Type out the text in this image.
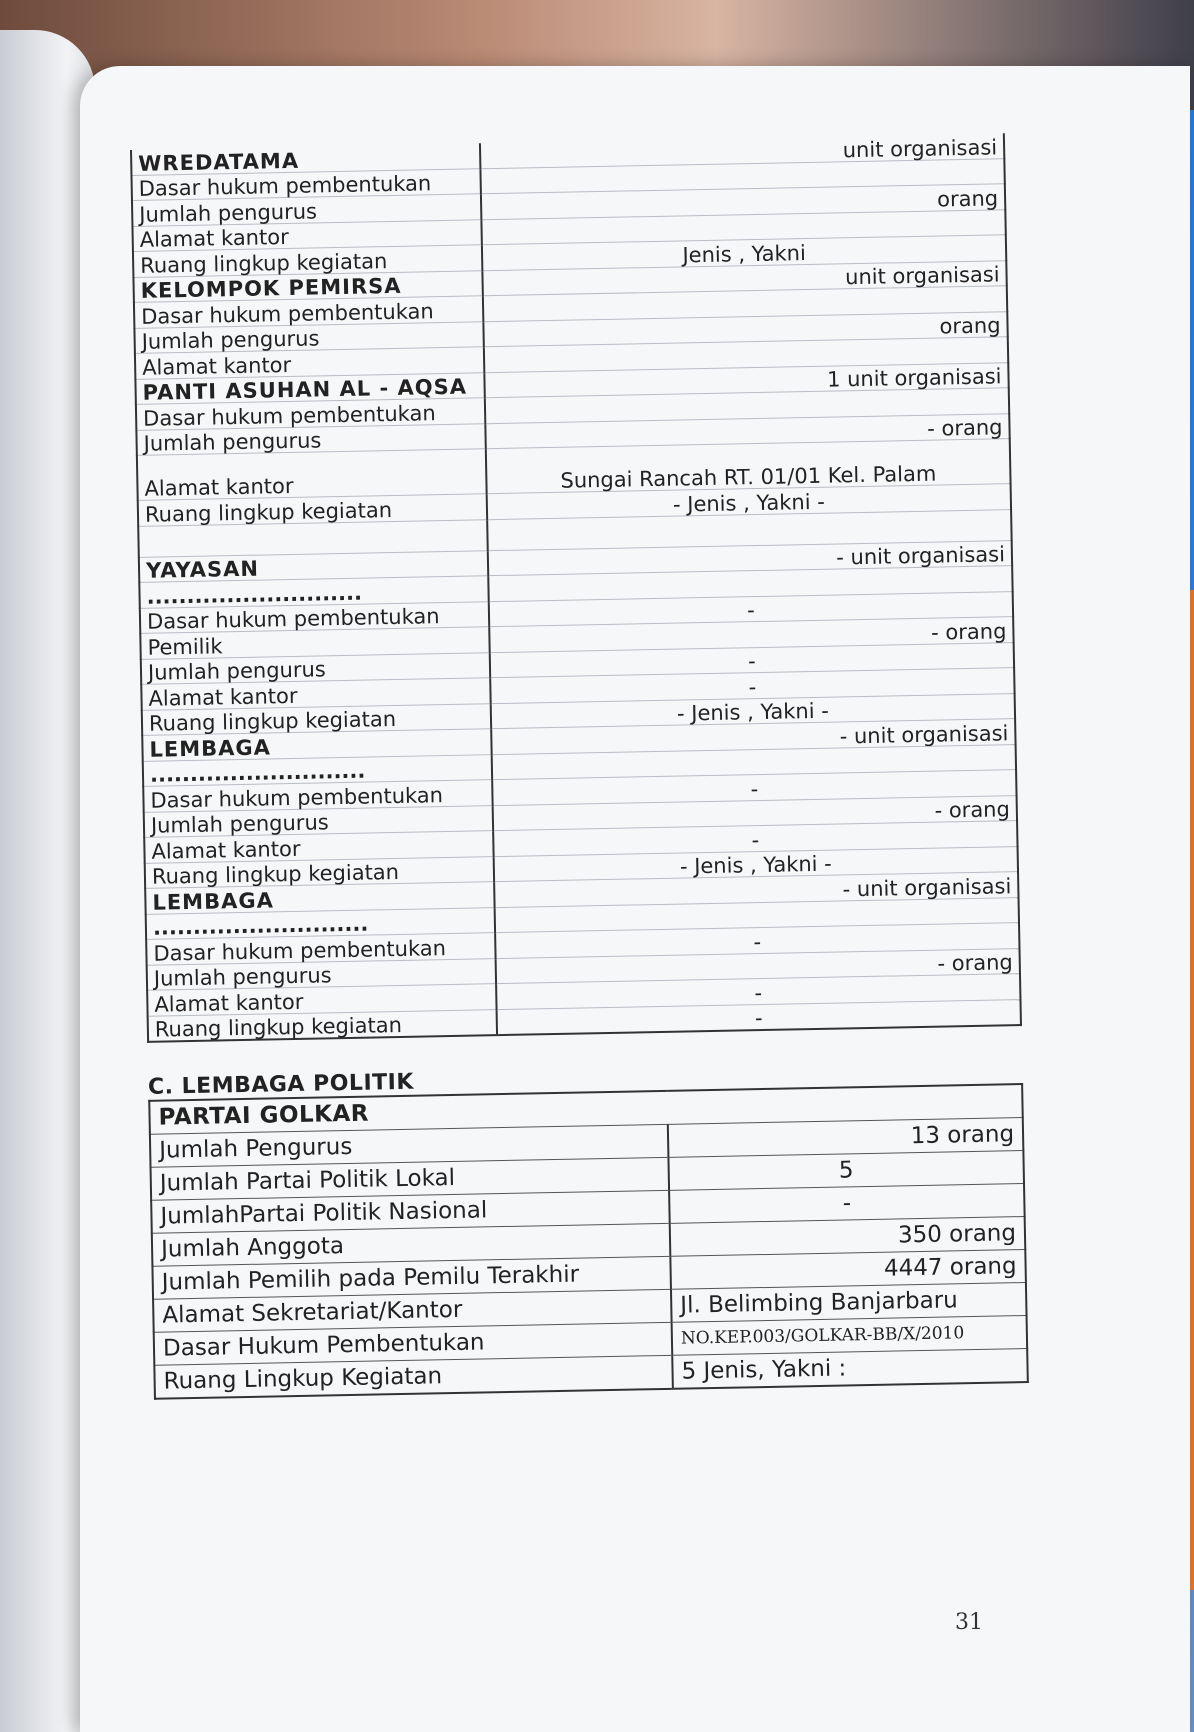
WREDATAMA	unit organisasi
Dasar hukum pembentukan	
Jumlah pengurus	orang
Alamat kantor	
Ruang lingkup kegiatan	Jenis , Yakni
KELOMPOK PEMIRSA	unit organisasi
Dasar hukum pembentukan	
Jumlah pengurus	orang
Alamat kantor	
PANTI ASUHAN AL - AQSA	1 unit organisasi
Dasar hukum pembentukan	
Jumlah pengurus	- orang
Alamat kantor	Sungai Rancah RT. 01/01 Kel. Palam
Ruang lingkup kegiatan	- Jenis , Yakni -

YAYASAN	- unit organisasi
...........................	
Dasar hukum pembentukan	-
Pemilik	- orang
Jumlah pengurus	-
Alamat kantor	-
Ruang lingkup kegiatan	- Jenis , Yakni -
LEMBAGA	- unit organisasi
...........................	
Dasar hukum pembentukan	-
Jumlah pengurus	- orang
Alamat kantor	-
Ruang lingkup kegiatan	- Jenis , Yakni -
LEMBAGA	- unit organisasi
...........................	
Dasar hukum pembentukan	-
Jumlah pengurus	- orang
Alamat kantor	-
Ruang lingkup kegiatan	-
C. LEMBAGA POLITIK
PARTAI GOLKAR	
Jumlah Pengurus	13 orang
Jumlah Partai Politik Lokal	5
JumlahPartai Politik Nasional	-
Jumlah Anggota	350 orang
Jumlah Pemilih pada Pemilu Terakhir	4447 orang
Alamat Sekretariat/Kantor	Jl. Belimbing Banjarbaru
Dasar Hukum Pembentukan	NO.KEP.003/GOLKAR-BB/X/2010
Ruang Lingkup Kegiatan	5 Jenis, Yakni :
31
